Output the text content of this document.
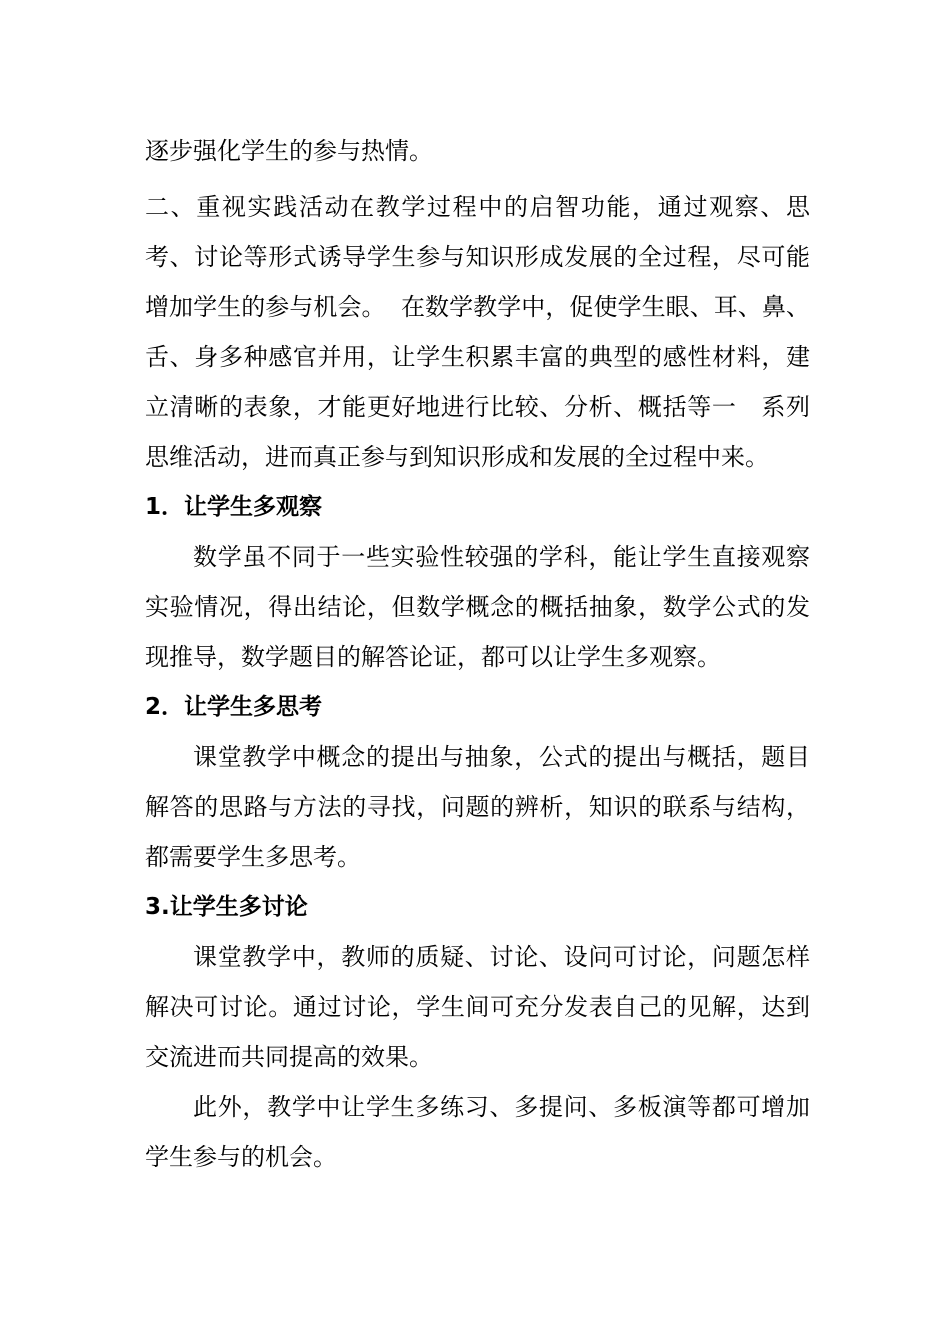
逐步强化学生的参与热情。

二、重视实践活动在教学过程中的启智功能，通过观察、思考、讨论等形式诱导学生参与知识形成发展的全过程，尽可能增加学生的参与机会。  在数学教学中，促使学生眼、耳、鼻、舌、身多种感官并用，让学生积累丰富的典型的感性材料，建立清晰的表象，才能更好地进行比较、分析、概括等一   系列思维活动，进而真正参与到知识形成和发展的全过程中来。

1．让学生多观察

数学虽不同于一些实验性较强的学科，能让学生直接观察实验情况，得出结论，但数学概念的概括抽象，数学公式的发现推导，数学题目的解答论证，都可以让学生多观察。

2．让学生多思考

课堂教学中概念的提出与抽象，公式的提出与概括，题目解答的思路与方法的寻找，问题的辨析，知识的联系与结构，都需要学生多思考。

3.让学生多讨论

课堂教学中，教师的质疑、讨论、设问可讨论，问题怎样解决可讨论。通过讨论，学生间可充分发表自己的见解，达到交流进而共同提高的效果。

此外，教学中让学生多练习、多提问、多板演等都可增加学生参与的机会。
